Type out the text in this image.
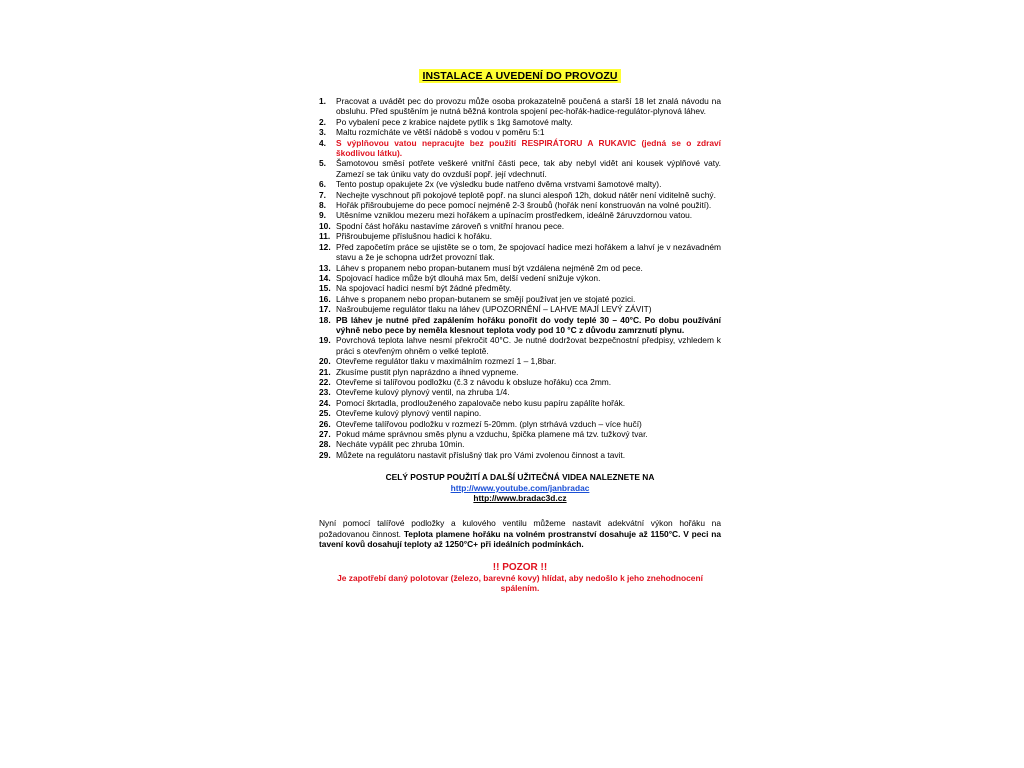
INSTALACE A UVEDENÍ DO PROVOZU
1.	Pracovat a uvádět pec do provozu může osoba prokazatelně poučená a starší 18 let znalá návodu na obsluhu. Před spuštěním je nutná běžná kontrola spojení pec-hořák-hadice-regulátor-plynová láhev.
2.	Po vybalení pece z krabice najdete pytlík s 1kg šamotové malty.
3.	Maltu rozmícháte ve větší nádobě s vodou v poměru 5:1
4.	S výplňovou vatou nepracujte bez použití RESPIRÁTORU A RUKAVIC (jedná se o zdraví škodlivou látku).
5.	Šamotovou směsí potřete veškeré vnitřní části pece, tak aby nebyl vidět ani kousek výplňové vaty. Zamezí se tak úniku vaty do ovzduší popř. její vdechnutí.
6.	Tento postup opakujete 2x (ve výsledku bude natřeno dvěma vrstvami šamotové malty).
7.	Nechejte vyschnout při pokojové teplotě popř. na slunci alespoň 12h, dokud nátěr není viditelně suchý.
8.	Hořák přišroubujeme do pece pomocí nejméně 2-3 šroubů (hořák není konstruován na volné použití).
9.	Utěsníme vzniklou mezeru mezi hořákem a upínacím prostředkem, ideálně žáruvzdornou vatou.
10. Spodní část hořáku nastavíme zároveň s vnitřní hranou pece.
11. Přišroubujeme příslušnou hadici k hořáku.
12. Před započetím práce se ujistěte se o tom, že spojovací hadice mezi hořákem a lahví je v nezávadném stavu a že je schopna udržet provozní tlak.
13. Láhev s propanem nebo propan-butanem musí být vzdálena nejméně 2m od pece.
14. Spojovací hadice může být dlouhá max 5m, delší vedení snižuje výkon.
15. Na spojovací hadici nesmí být žádné předměty.
16. Láhve s propanem nebo propan-butanem se smějí používat jen ve stojaté pozici.
17. Našroubujeme regulátor tlaku na láhev (UPOZORNĚNÍ – LAHVE MAJÍ LEVÝ ZÁVIT)
18. PB láhev je nutné před zapálením hořáku ponořit do vody teplé 30 – 40°C. Po dobu používání výhně nebo pece by neměla klesnout teplota vody pod 10 °C z důvodu zamrznutí plynu.
19. Povrchová teplota lahve nesmí překročit 40°C. Je nutné dodržovat bezpečnostní předpisy, vzhledem k práci s otevřeným ohněm o velké teplotě.
20. Otevřeme regulátor tlaku v maximálním rozmezí 1 – 1,8bar.
21. Zkusíme pustit plyn naprázdno a ihned vypneme.
22. Otevřeme si talířovou podložku (č.3 z návodu k obsluze hořáku) cca 2mm.
23. Otevřeme kulový plynový ventil, na zhruba 1/4.
24. Pomocí škrtadla, prodlouženého zapalovače nebo kusu papíru zapálíte hořák.
25. Otevřeme kulový plynový ventil napino.
26. Otevřeme talířovou podložku v rozmezí 5-20mm. (plyn strhává vzduch – více hučí)
27. Pokud máme správnou směs plynu a vzduchu, špička plamene má tzv. tužkový tvar.
28. Necháte vypálit pec zhruba 10min.
29. Můžete na regulátoru nastavit příslušný tlak pro Vámi zvolenou činnost a tavit.
CELÝ POSTUP POUŽITÍ A DALŠÍ UŽITEČNÁ VIDEA NALEZNETE NA
http://www.youtube.com/janbradac
http://www.bradac3d.cz
Nyní pomocí talířové podložky a kulového ventilu můžeme nastavit adekvátní výkon hořáku na požadovanou činnost. Teplota plamene hořáku na volném prostranství dosahuje až 1150°C. V peci na tavení kovů dosahují teploty až 1250°C+ při ideálních podmínkách.
!! POZOR !!
Je zapotřebí daný polotovar (železo, barevné kovy) hlídat, aby nedošlo k jeho znehodnocení spálením.
